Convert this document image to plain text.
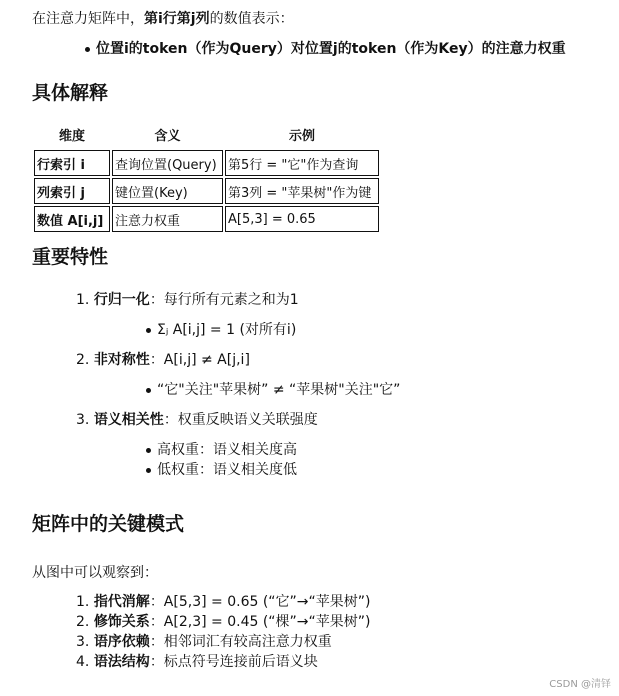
在注意力矩阵中，第i行第j列的数值表示：
位置i的token（作为Query）对位置j的token（作为Key）的注意力权重
具体解释
维度	含义	示例
行索引 i	查询位置(Query)	第5行 = "它"作为查询
列索引 j	键位置(Key)	第3列 = "苹果树"作为键
数值 A[i,j]	注意力权重	A[5,3] = 0.65
重要特性
1. 行归一化：每行所有元素之和为1
Σⱼ A[i,j] = 1 (对所有i)
2. 非对称性：A[i,j] ≠ A[j,i]
“它"关注"苹果树” ≠ “苹果树"关注"它”
3. 语义相关性：权重反映语义关联强度
高权重：语义相关度高
低权重：语义相关度低
矩阵中的关键模式
从图中可以观察到：
1. 指代消解：A[5,3] = 0.65 (“它”→“苹果树”)
2. 修饰关系：A[2,3] = 0.45 (“棵”→“苹果树”)
3. 语序依赖：相邻词汇有较高注意力权重
4. 语法结构：标点符号连接前后语义块
CSDN @清铎
